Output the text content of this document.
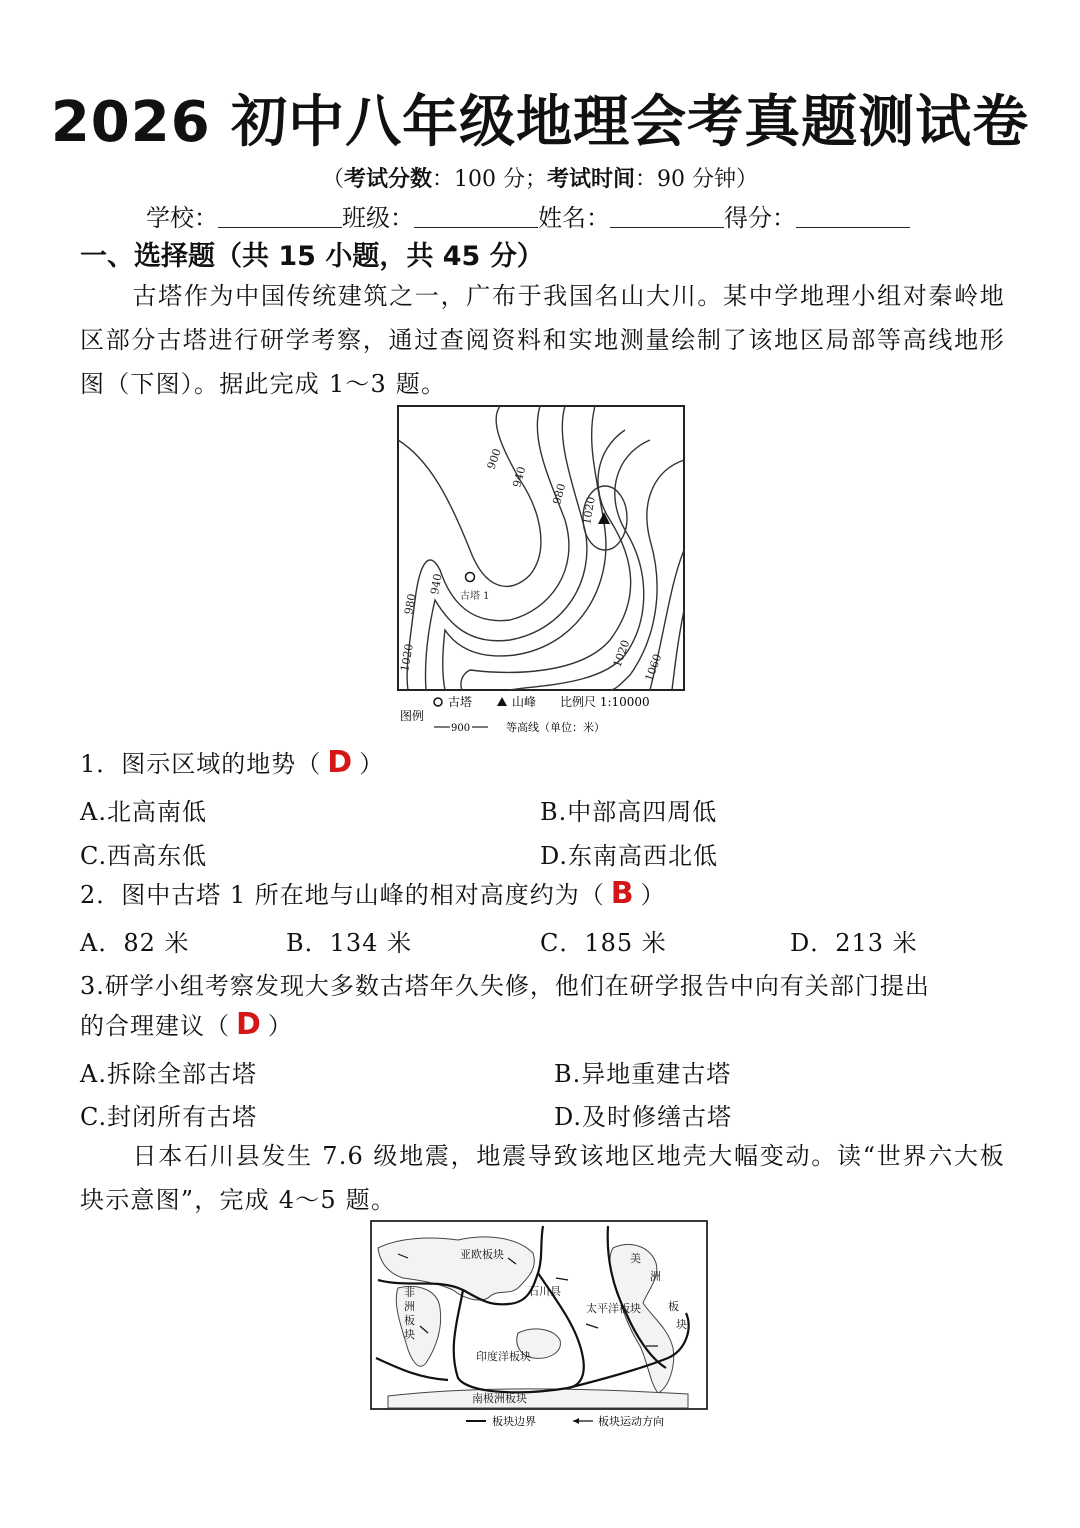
2026 初中八年级地理会考真题测试卷
（考试分数：100 分；考试时间：90 分钟）
学校：	班级：	姓名：	得分：
一、选择题（共 15 小题，共 45 分）
古塔作为中国传统建筑之一，广布于我国名山大川。某中学地理小组对秦岭地区部分古塔进行研学考察，通过查阅资料和实地测量绘制了该地区局部等高线地形图（下图）。据此完成 1～3 题。
900
940
980
1020
940
980
1020	1020 1060
古塔 1
古塔	山峰 比例尺 1:10000
图例
900	等高线（单位：米）
1．图示区域的地势（ D ）
A.北高南低	B.中部高四周低
C.西高东低	D.东南高西北低
2．图中古塔 1 所在地与山峰的相对高度约为（ B ）
A．82 米	B．134 米	C．185 米	D．213 米
3.研学小组考察发现大多数古塔年久失修，他们在研学报告中向有关部门提出
的合理建议（ D ）
A.拆除全部古塔	B.异地重建古塔
C.封闭所有古塔	D.及时修缮古塔
日本石川县发生 7.6 级地震，地震导致该地区地壳大幅变动。读“世界六大板块示意图”，完成 4～5 题。
亚欧板块
石川县
太平洋板块
非
洲
板
块
美
洲
板
块
印度洋板块
南极洲板块
板块边界	板块运动方向
